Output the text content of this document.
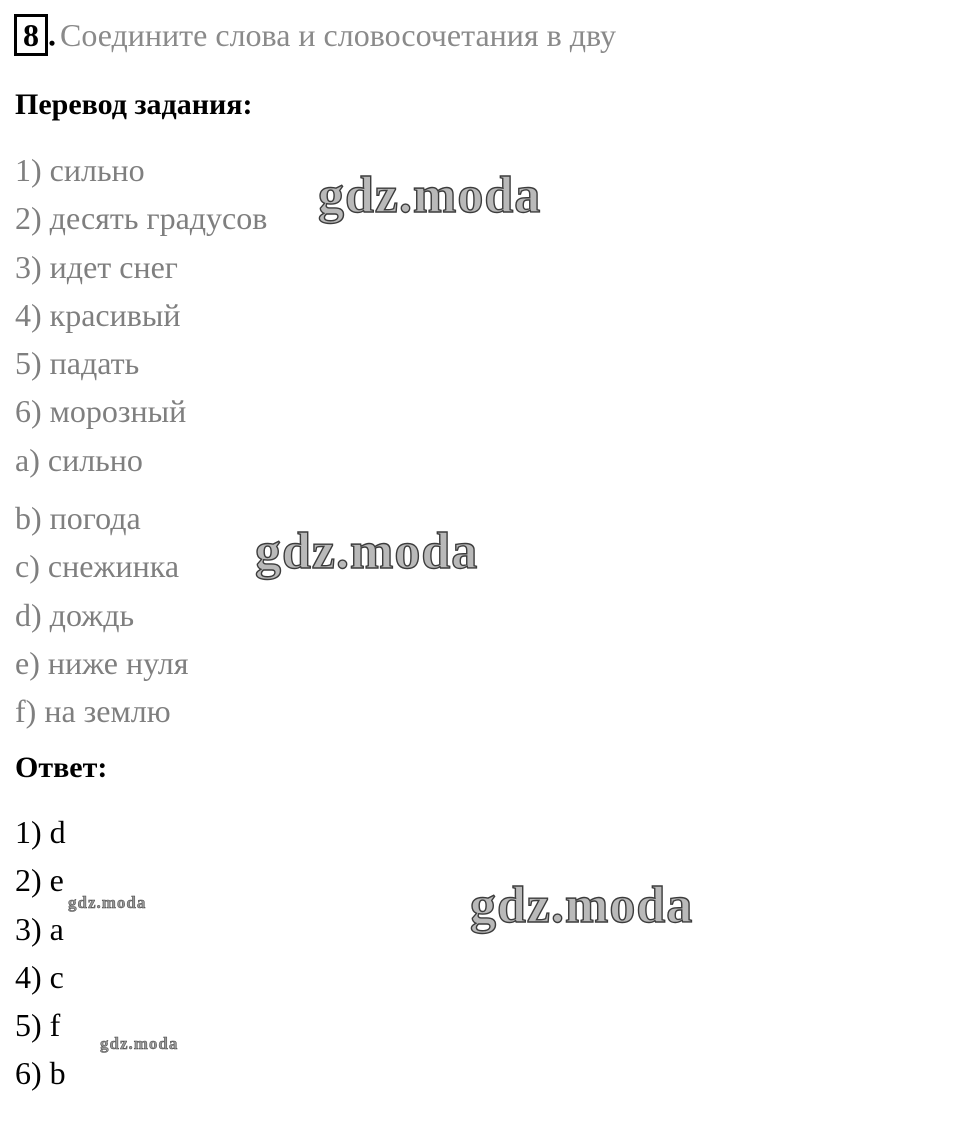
8 . Соедините слова и словосочетания в дву
Перевод задания:
1) сильно
2) десять градусов
3) идет снег
4) красивый
5) падать
6) морозный
a) сильно
b) погода
c) снежинка
d) дождь
e) ниже нуля
f) на землю
Ответ:
1) d
2) e
3) a
4) c
5) f
6) b
gdz.moda
gdz.moda
gdz.moda
gdz.moda
gdz.moda
